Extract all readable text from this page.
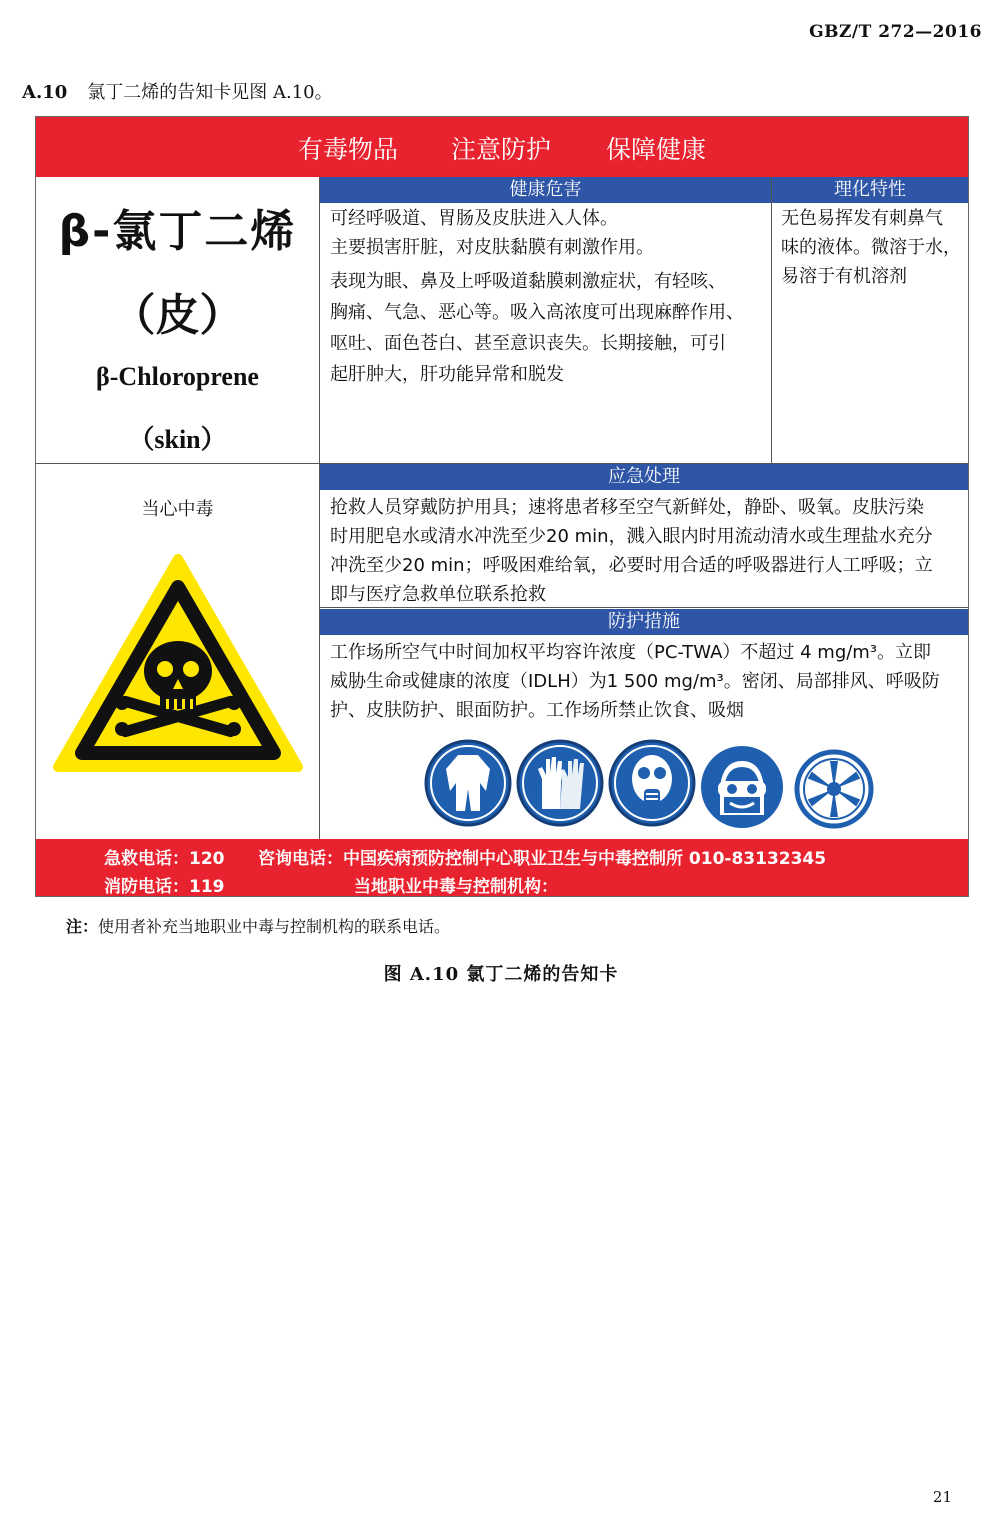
GBZ/T 272—2016
A.10 氯丁二烯的告知卡见图 A.10。
有毒物品 注意防护 保障健康
β-氯丁二烯
（皮）
β-Chloroprene
（skin）
健康危害	理化特性
可经呼吸道、胃肠及皮肤进入人体。
主要损害肝脏，对皮肤黏膜有刺激作用。
表现为眼、鼻及上呼吸道黏膜刺激症状，有轻咳、
胸痛、气急、恶心等。吸入高浓度可出现麻醉作用、
呕吐、面色苍白、甚至意识丧失。长期接触，可引
起肝肿大，肝功能异常和脱发
无色易挥发有刺鼻气
味的液体。微溶于水，
易溶于有机溶剂
当心中毒
应急处理
抢救人员穿戴防护用具；速将患者移至空气新鲜处，静卧、吸氧。皮肤污染
时用肥皂水或清水冲洗至少20 min，溅入眼内时用流动清水或生理盐水充分
冲洗至少20 min；呼吸困难给氧，必要时用合适的呼吸器进行人工呼吸；立
即与医疗急救单位联系抢救
防护措施
工作场所空气中时间加权平均容许浓度（PC-TWA）不超过 4 mg/m³。立即
威胁生命或健康的浓度（IDLH）为1 500 mg/m³。密闭、局部排风、呼吸防
护、皮肤防护、眼面防护。工作场所禁止饮食、吸烟
急救电话：120
消防电话：119
咨询电话：中国疾病预防控制中心职业卫生与中毒控制所 010-83132345
当地职业中毒与控制机构：
注：使用者补充当地职业中毒与控制机构的联系电话。
图 A.10 氯丁二烯的告知卡
21
